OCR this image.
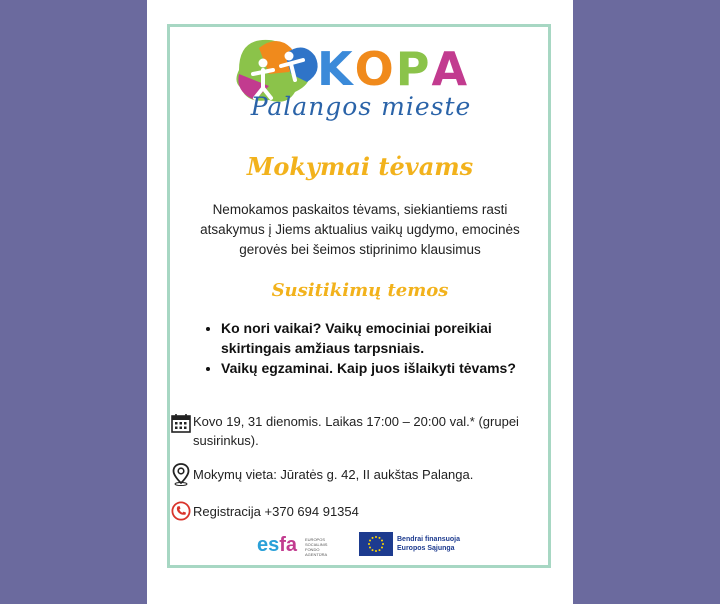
KOPA
Palangos mieste
Mokymai tėvams
Nemokamos paskaitos tėvams, siekiantiems rasti atsakymus į Jiems aktualius vaikų ugdymo, emocinės gerovės bei šeimos stiprinimo klausimus
Susitikimų temos
• Ko nori vaikai? Vaikų emociniai poreikiai skirtingais amžiaus tarpsniais.
• Vaikų egzaminai. Kaip juos išlaikyti tėvams?
Kovo 19, 31 dienomis. Laikas 17:00 – 20:00 val.* (grupei susirinkus).
Mokymų vieta: Jūratės g. 42, II aukštas Palanga.
Registracija +370 694 91354
esfa EUROPOS
SOCIALINIS
FONDO
AGENTŪRA
Bendrai finansuoja
Europos Sąjunga
